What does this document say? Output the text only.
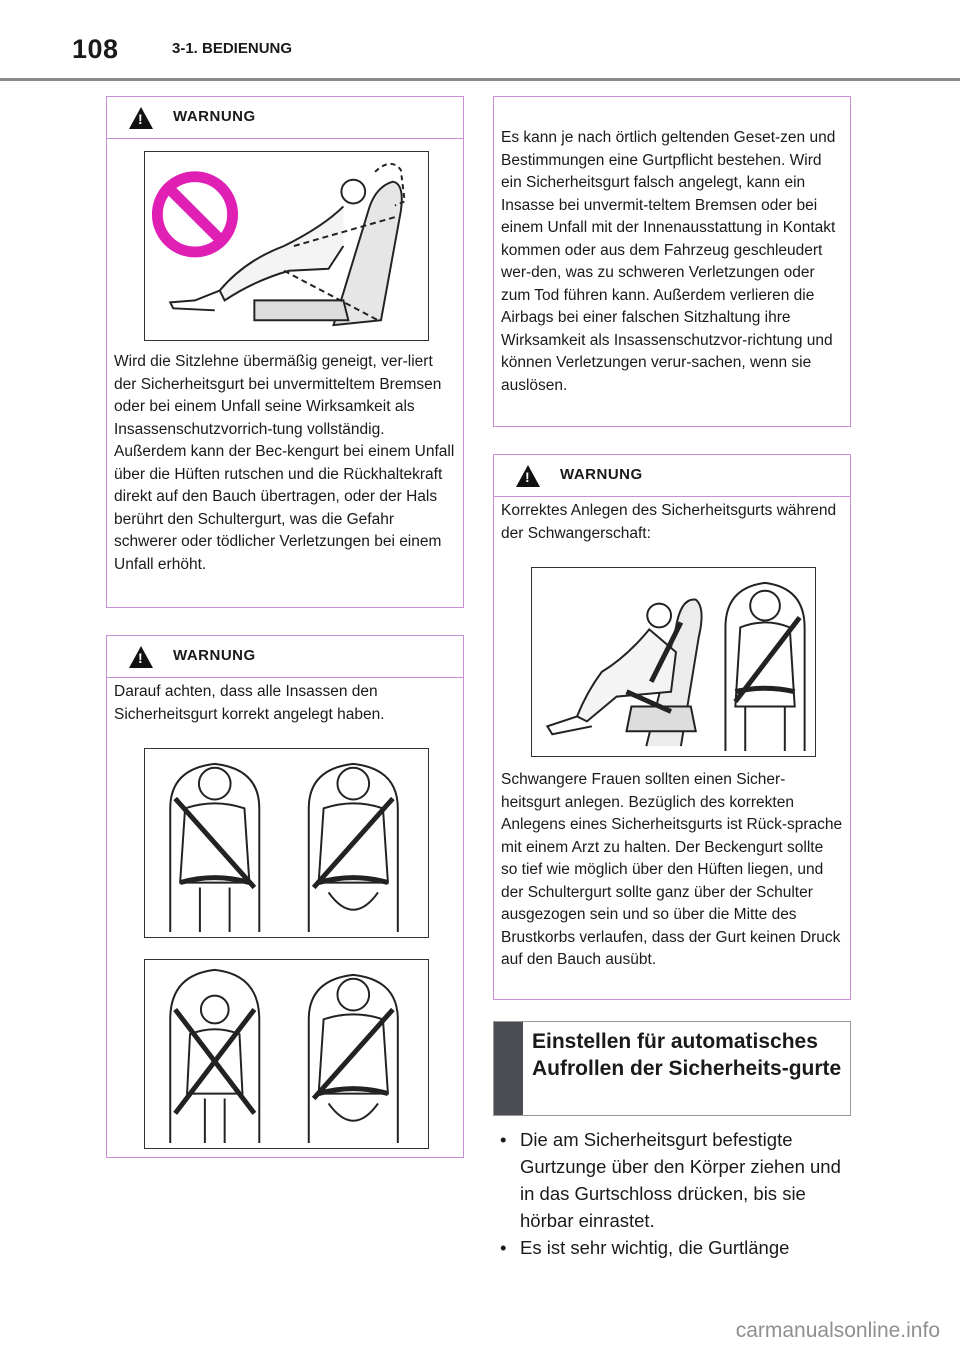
108	3-1. BEDIENUNG
!
WARNUNG
Wird die Sitzlehne übermäßig geneigt, ver-liert der Sicherheitsgurt bei unvermitteltem Bremsen oder bei einem Unfall seine Wirksamkeit als Insassenschutzvorrich-tung vollständig. Außerdem kann der Bec-kengurt bei einem Unfall über die Hüften rutschen und die Rückhaltekraft direkt auf den Bauch übertragen, oder der Hals berührt den Schultergurt, was die Gefahr schwerer oder tödlicher Verletzungen bei einem Unfall erhöht.
!
WARNUNG
Darauf achten, dass alle Insassen den Sicherheitsgurt korrekt angelegt haben.
Es kann je nach örtlich geltenden Geset-zen und Bestimmungen eine Gurtpflicht bestehen. Wird ein Sicherheitsgurt falsch angelegt, kann ein Insasse bei unvermit-teltem Bremsen oder bei einem Unfall mit der Innenausstattung in Kontakt kommen oder aus dem Fahrzeug geschleudert wer-den, was zu schweren Verletzungen oder zum Tod führen kann. Außerdem verlieren die Airbags bei einer falschen Sitzhaltung ihre Wirksamkeit als Insassenschutzvor-richtung und können Verletzungen verur-sachen, wenn sie auslösen.
!
WARNUNG
Korrektes Anlegen des Sicherheitsgurts während der Schwangerschaft:
Schwangere Frauen sollten einen Sicher-heitsgurt anlegen. Bezüglich des korrekten Anlegens eines Sicherheitsgurts ist Rück-sprache mit einem Arzt zu halten. Der Beckengurt sollte so tief wie möglich über den Hüften liegen, und der Schultergurt sollte ganz über der Schulter ausgezogen sein und so über die Mitte des Brustkorbs verlaufen, dass der Gurt keinen Druck auf den Bauch ausübt.
Einstellen für automatisches Aufrollen der Sicherheits-gurte
• Die am Sicherheitsgurt befestigte Gurtzunge über den Körper ziehen und in das Gurtschloss drücken, bis sie hörbar einrastet.
• Es ist sehr wichtig, die Gurtlänge
carmanualsonline.info
